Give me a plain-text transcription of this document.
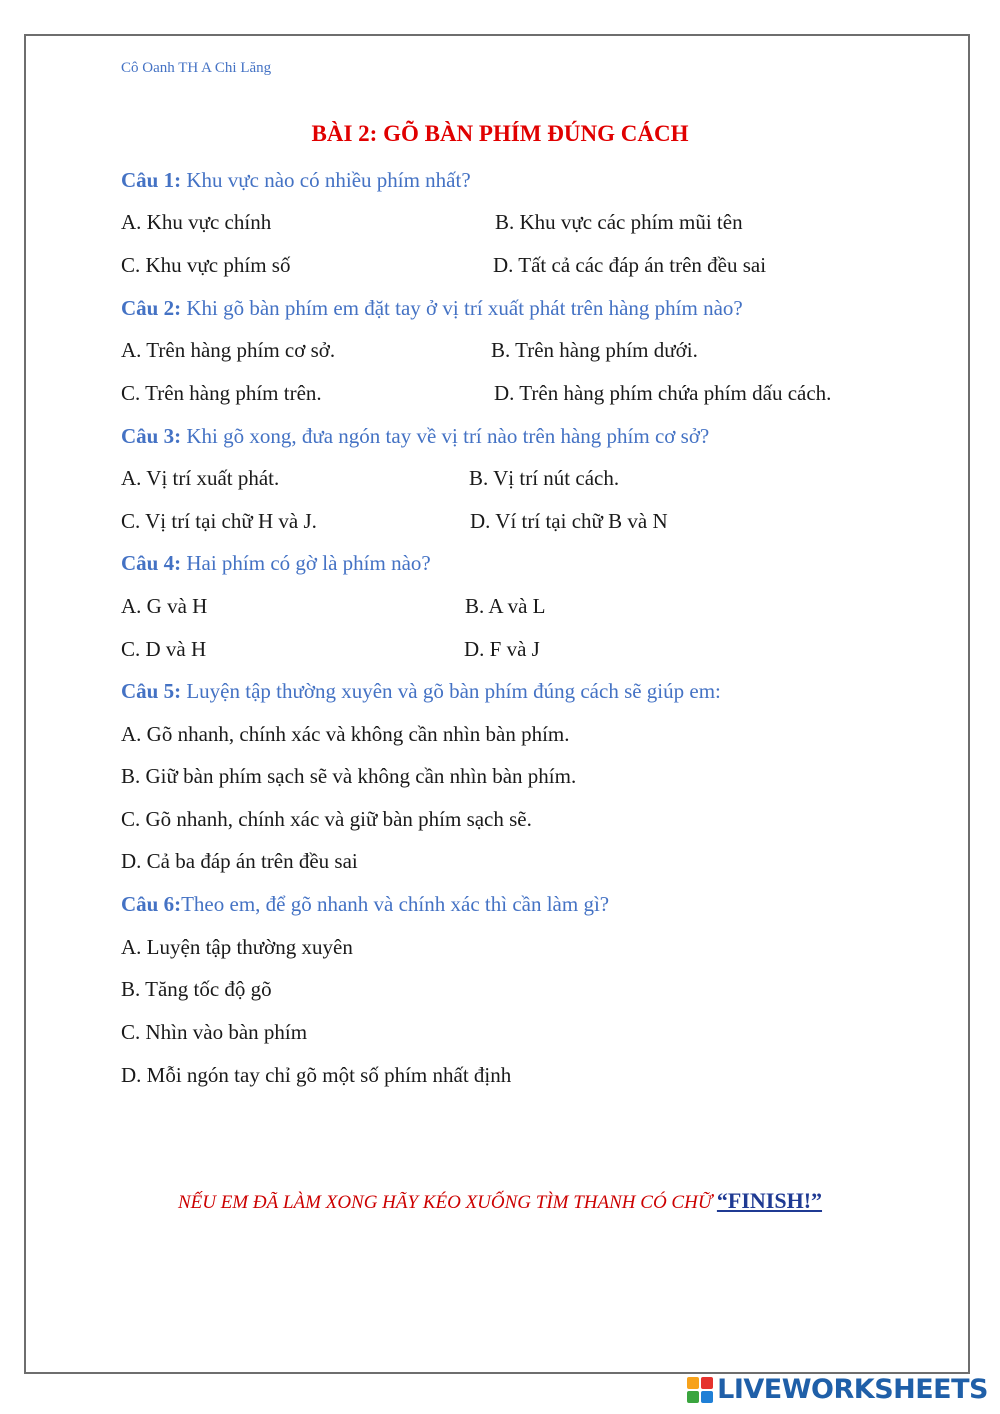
Cô Oanh TH A Chi Lăng
BÀI 2: GÕ BÀN PHÍM ĐÚNG CÁCH
Câu 1: Khu vực nào có nhiều phím nhất?
A. Khu vực chính	B. Khu vực các phím mũi tên
C. Khu vực phím số	D. Tất cả các đáp án trên đều sai
Câu 2: Khi gõ bàn phím em đặt tay ở vị trí xuất phát trên hàng phím nào?
A. Trên hàng phím cơ sở.	B. Trên hàng phím dưới.
C. Trên hàng phím trên.	D. Trên hàng phím chứa phím dấu cách.
Câu 3: Khi gõ xong, đưa ngón tay về vị trí nào trên hàng phím cơ sở?
A. Vị trí xuất phát.	B. Vị trí nút cách.
C. Vị trí tại chữ H và J.	D. Ví trí tại chữ B và N
Câu 4: Hai phím có gờ là phím nào?
A. G và H	B. A và L
C. D và H	D. F và J
Câu 5: Luyện tập thường xuyên và gõ bàn phím đúng cách sẽ giúp em:
A. Gõ nhanh, chính xác và không cần nhìn bàn phím.
B. Giữ bàn phím sạch sẽ và không cần nhìn bàn phím.
C. Gõ nhanh, chính xác và giữ bàn phím sạch sẽ.
D. Cả ba đáp án trên đều sai
Câu 6:Theo em, để gõ nhanh và chính xác thì cần làm gì?
A. Luyện tập thường xuyên
B. Tăng tốc độ gõ
C. Nhìn vào bàn phím
D. Mỗi ngón tay chỉ gõ một số phím nhất định
NẾU EM ĐÃ LÀM XONG HÃY KÉO XUỐNG TÌM THANH CÓ CHỮ “FINISH!”
LIVEWORKSHEETS
